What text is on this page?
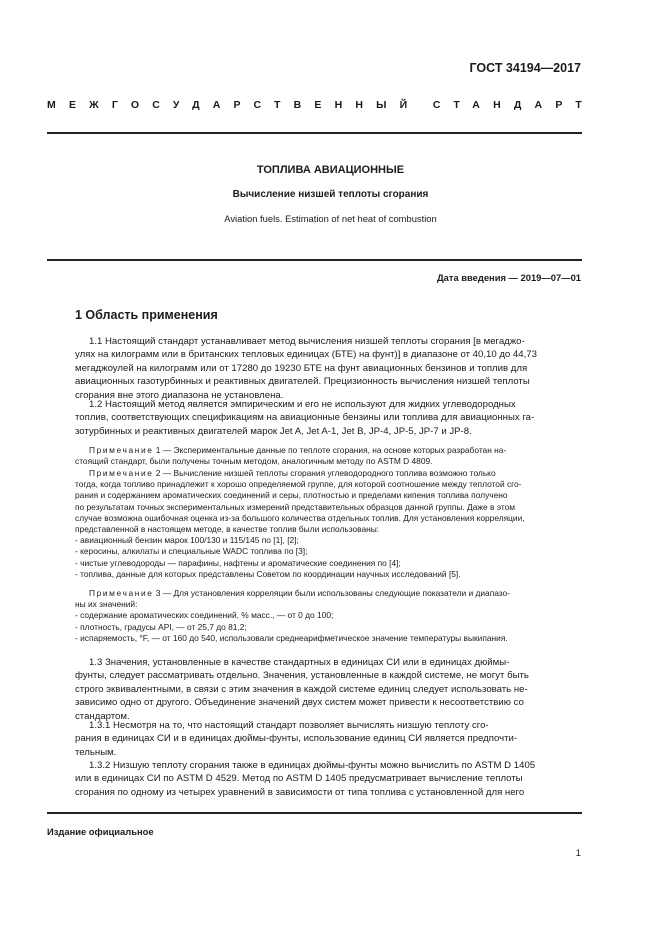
ГОСТ 34194—2017
МЕЖГОСУДАРСТВЕННЫЙ СТАНДАРТ
ТОПЛИВА АВИАЦИОННЫЕ
Вычисление низшей теплоты сгорания
Aviation fuels. Estimation of net heat of combustion
Дата введения — 2019—07—01
1 Область применения
1.1 Настоящий стандарт устанавливает метод вычисления низшей теплоты сгорания [в мегаджо-
улях на килограмм или в британских тепловых единицах (БТЕ) на фунт)] в диапазоне от 40,10 до 44,73
мегаджоулей на килограмм или от 17280 до 19230 БТЕ на фунт авиационных бензинов и топлив для
авиационных газотурбинных и реактивных двигателей. Прецизионность вычисления низшей теплоты
сгорания вне этого диапазона не установлена.
1.2 Настоящий метод является эмпирическим и его не используют для жидких углеводородных
топлив, соответствующих спецификациям на авиационные бензины или топлива для авиационных га-
зотурбинных и реактивных двигателей марок Jet A, Jet A-1, Jet B, JP-4, JP-5, JP-7 и JP-8.
Примечание 1 — Экспериментальные данные по теплоте сгорания, на основе которых разработан на-
стоящий стандарт, были получены точным методом, аналогичным методу по ASTM D 4809.
Примечание 2 — Вычисление низшей теплоты сгорания углеводородного топлива возможно только
тогда, когда топливо принадлежит к хорошо определяемой группе, для которой соотношение между теплотой сго-
рания и содержанием ароматических соединений и серы, плотностью и пределами кипения топлива получено
по результатам точных экспериментальных измерений представительных образцов данной группы. Даже в этом
случае возможна ошибочная оценка из-за большого количества отдельных топлив. Для установления корреляции,
представленной в настоящем методе, в качестве топлив были использованы:
- авиационный бензин марок 100/130 и 115/145 по [1], [2];
- керосины, алкилаты и специальные WADC топлива по [3];
- чистые углеводороды — парафины, нафтены и ароматические соединения по [4];
- топлива, данные для которых представлены Советом по координации научных исследований [5].
Примечание 3 — Для установления корреляции были использованы следующие показатели и диапазо-
ны их значений:
- содержание ароматических соединений, % масс., — от 0 до 100;
- плотность, градусы API, — от 25,7 до 81,2;
- испаряемость, °F, — от 160 до 540, использовали среднеарифметическое значение температуры выкипания.
1.3 Значения, установленные в качестве стандартных в единицах СИ или в единицах дюймы-
фунты, следует рассматривать отдельно. Значения, установленные в каждой системе, не могут быть
строго эквивалентными, в связи с этим значения в каждой системе единиц следует использовать не-
зависимо одно от другого. Объединение значений двух систем может привести к несоответствию со
стандартом.
1.3.1 Несмотря на то, что настоящий стандарт позволяет вычислять низшую теплоту сго-
рания в единицах СИ и в единицах дюймы-фунты, использование единиц СИ является предпочти-
тельным.
1.3.2 Низшую теплоту сгорания также в единицах дюймы-фунты можно вычислить по ASTM D 1405
или в единицах СИ по ASTM D 4529. Метод по ASTM D 1405 предусматривает вычисление теплоты
сгорания по одному из четырех уравнений в зависимости от типа топлива с установленной для него
Издание официальное
1
